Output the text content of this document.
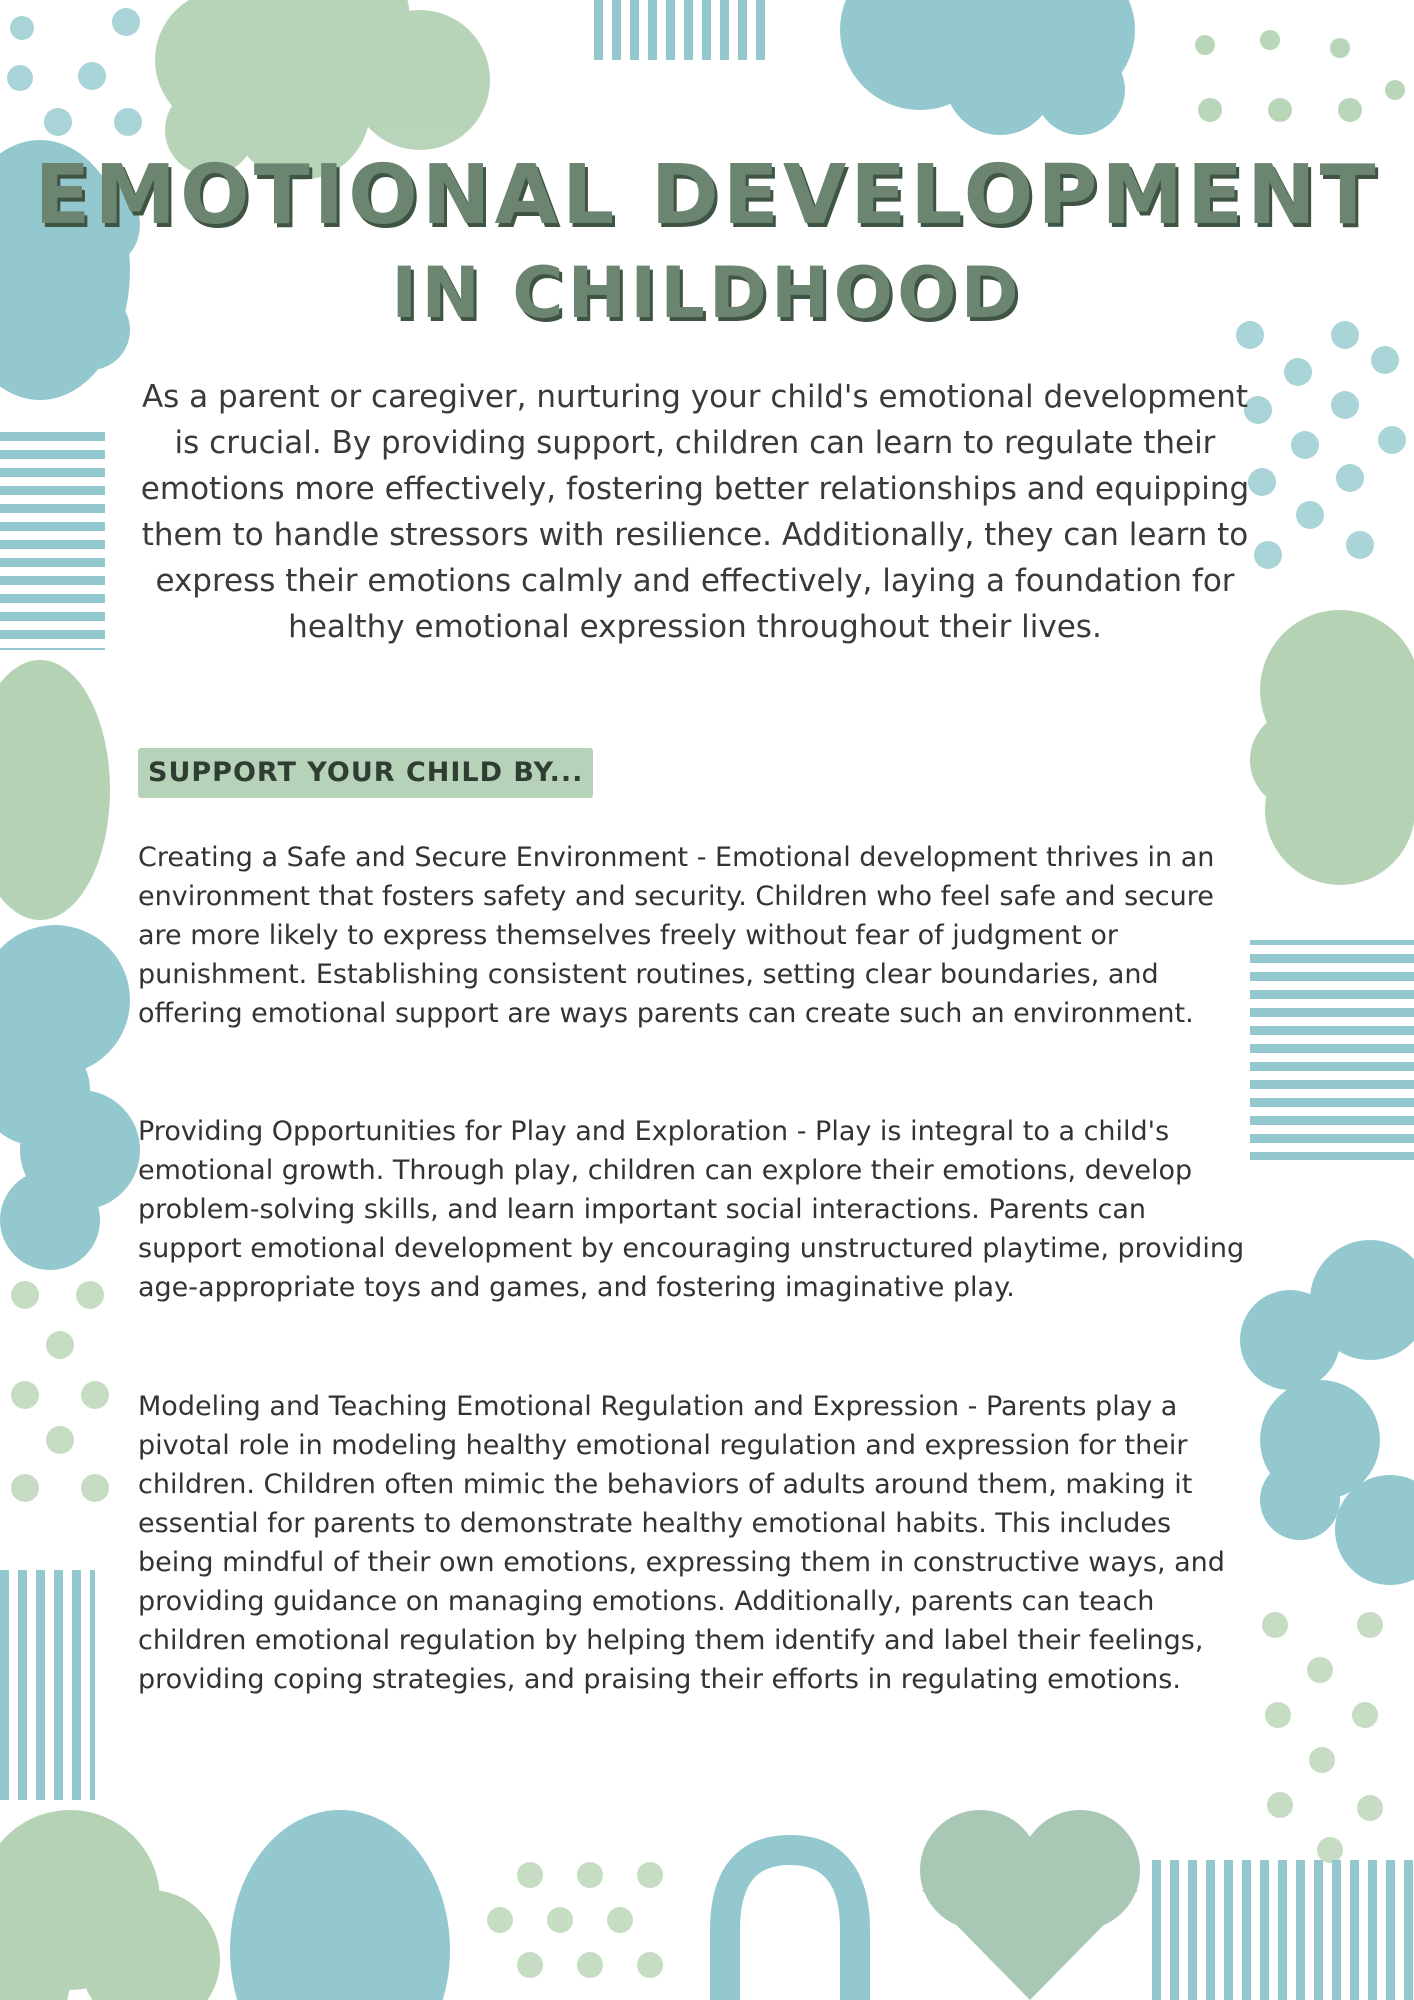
EMOTIONAL DEVELOPMENT
IN CHILDHOOD

As a parent or caregiver, nurturing your child's emotional development is crucial. By providing support, children can learn to regulate their emotions more effectively, fostering better relationships and equipping them to handle stressors with resilience. Additionally, they can learn to express their emotions calmly and effectively, laying a foundation for healthy emotional expression throughout their lives.

SUPPORT YOUR CHILD BY...

Creating a Safe and Secure Environment - Emotional development thrives in an environment that fosters safety and security. Children who feel safe and secure are more likely to express themselves freely without fear of judgment or punishment. Establishing consistent routines, setting clear boundaries, and offering emotional support are ways parents can create such an environment.

Providing Opportunities for Play and Exploration - Play is integral to a child's emotional growth. Through play, children can explore their emotions, develop problem-solving skills, and learn important social interactions. Parents can support emotional development by encouraging unstructured playtime, providing age-appropriate toys and games, and fostering imaginative play.

Modeling and Teaching Emotional Regulation and Expression - Parents play a pivotal role in modeling healthy emotional regulation and expression for their children. Children often mimic the behaviors of adults around them, making it essential for parents to demonstrate healthy emotional habits. This includes being mindful of their own emotions, expressing them in constructive ways, and providing guidance on managing emotions. Additionally, parents can teach children emotional regulation by helping them identify and label their feelings, providing coping strategies, and praising their efforts in regulating emotions.
